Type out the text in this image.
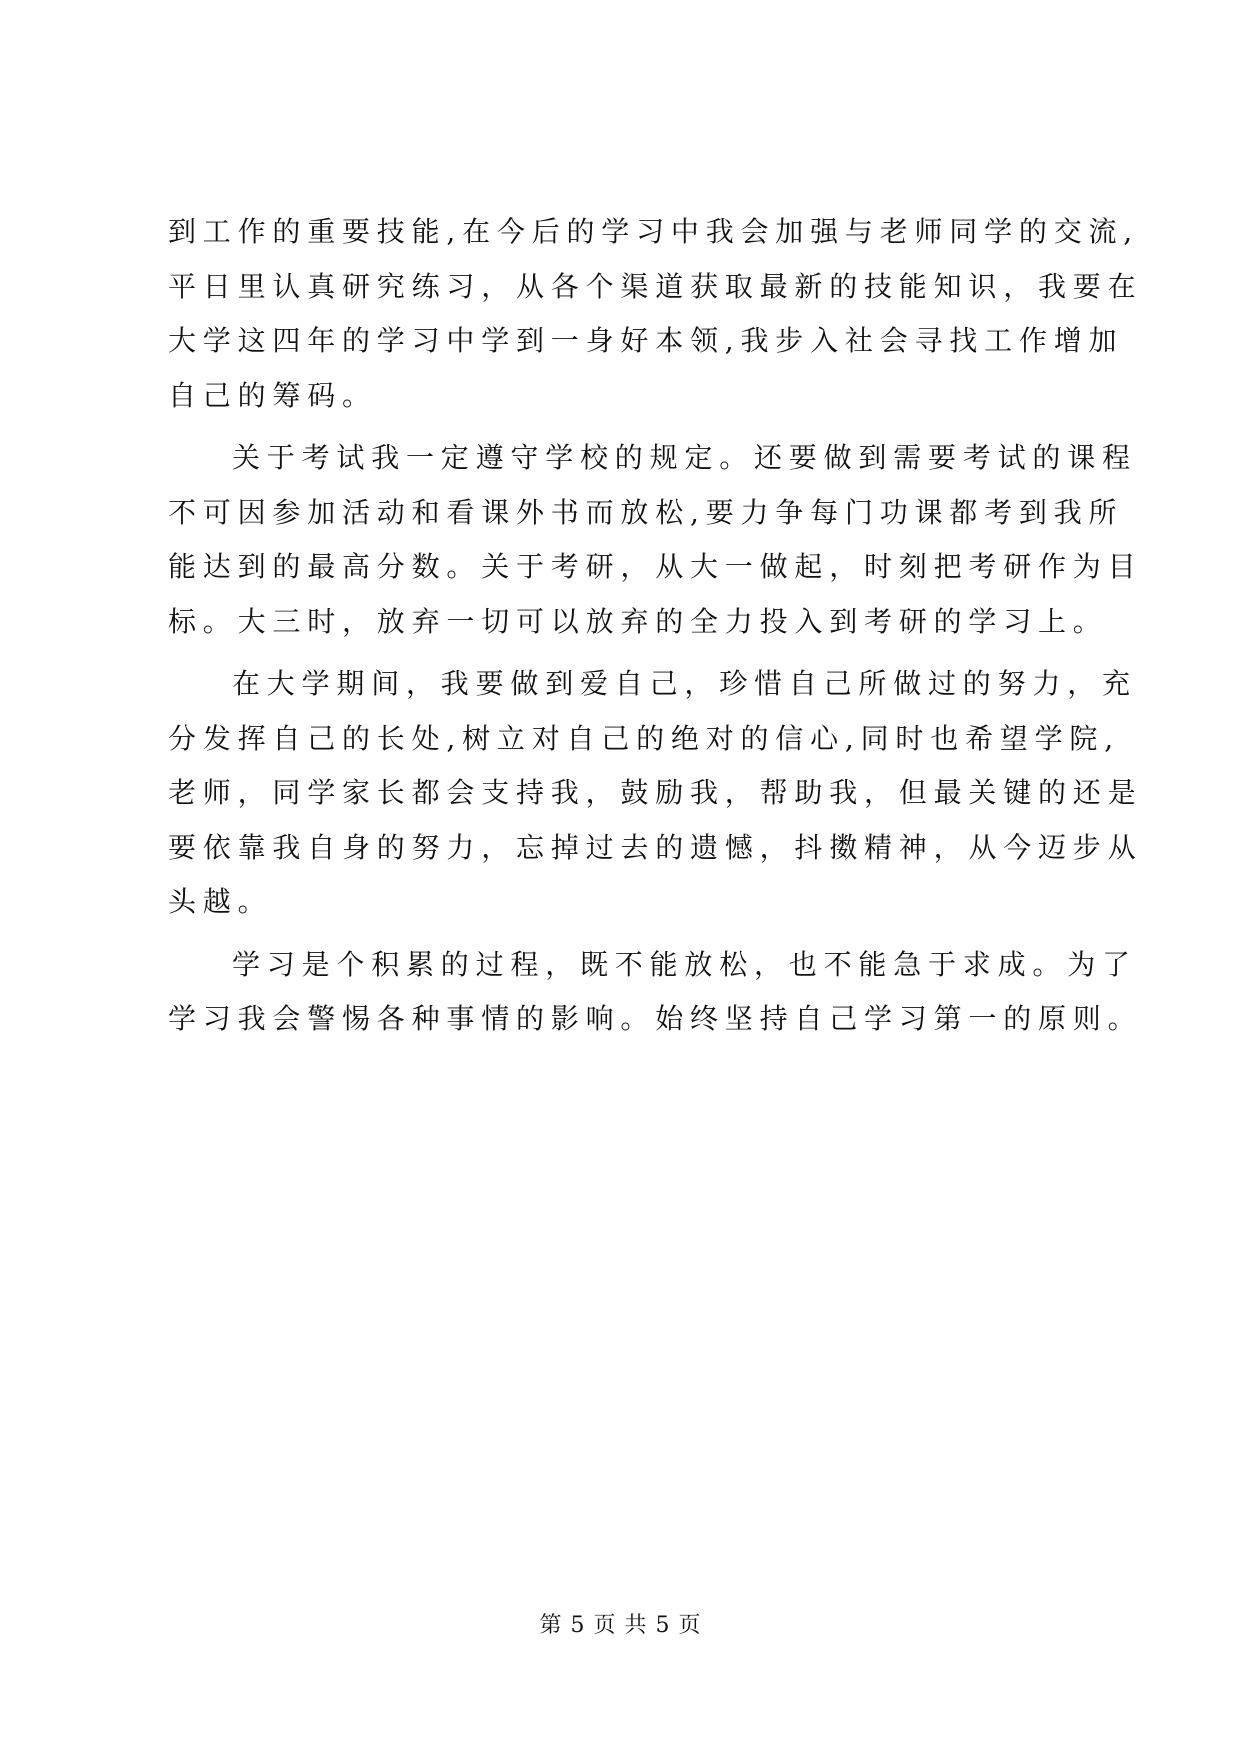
到工作的重要技能,在今后的学习中我会加强与老师同学的交流,
平日里认真研究练习，从各个渠道获取最新的技能知识，我要在
大学这四年的学习中学到一身好本领,我步入社会寻找工作增加
自己的筹码。
关于考试我一定遵守学校的规定。还要做到需要考试的课程
不可因参加活动和看课外书而放松,要力争每门功课都考到我所
能达到的最高分数。关于考研，从大一做起，时刻把考研作为目
标。大三时，放弃一切可以放弃的全力投入到考研的学习上。
在大学期间，我要做到爱自己，珍惜自己所做过的努力，充
分发挥自己的长处,树立对自己的绝对的信心,同时也希望学院,
老师，同学家长都会支持我，鼓励我，帮助我，但最关键的还是
要依靠我自身的努力，忘掉过去的遗憾，抖擞精神，从今迈步从
头越。
学习是个积累的过程，既不能放松，也不能急于求成。为了
学习我会警惕各种事情的影响。始终坚持自己学习第一的原则。
第 5 页 共 5 页
